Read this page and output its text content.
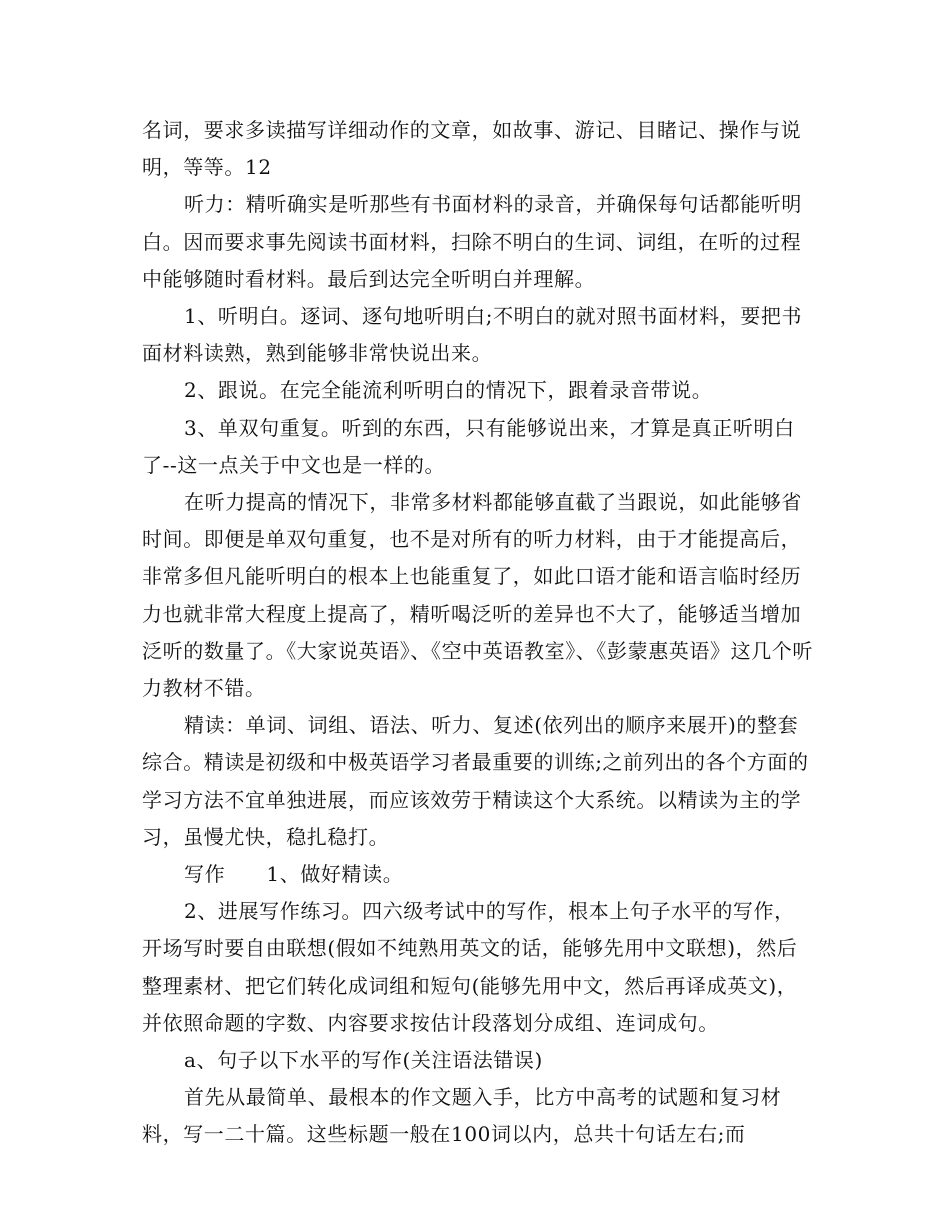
名词，要求多读描写详细动作的文章，如故事、游记、目睹记、操作与说明，等等。12

听力：精听确实是听那些有书面材料的录音，并确保每句话都能听明白。因而要求事先阅读书面材料，扫除不明白的生词、词组，在听的过程中能够随时看材料。最后到达完全听明白并理解。

1、听明白。逐词、逐句地听明白;不明白的就对照书面材料，要把书面材料读熟，熟到能够非常快说出来。

2、跟说。在完全能流利听明白的情况下，跟着录音带说。

3、单双句重复。听到的东西，只有能够说出来，才算是真正听明白了--这一点关于中文也是一样的。

在听力提高的情况下，非常多材料都能够直截了当跟说，如此能够省时间。即便是单双句重复，也不是对所有的听力材料，由于才能提高后，非常多但凡能听明白的根本上也能重复了，如此口语才能和语言临时经历力也就非常大程度上提高了，精听喝泛听的差异也不大了，能够适当增加泛听的数量了。《大家说英语》、《空中英语教室》、《彭蒙惠英语》这几个听力教材不错。

精读：单词、词组、语法、听力、复述(依列出的顺序来展开)的整套综合。精读是初级和中极英语学习者最重要的训练;之前列出的各个方面的学习方法不宜单独进展，而应该效劳于精读这个大系统。以精读为主的学习，虽慢尤快，稳扎稳打。

写作　　1、做好精读。

2、进展写作练习。四六级考试中的写作，根本上句子水平的写作，开场写时要自由联想(假如不纯熟用英文的话，能够先用中文联想)，然后整理素材、把它们转化成词组和短句(能够先用中文，然后再译成英文)，并依照命题的字数、内容要求按估计段落划分成组、连词成句。

a、句子以下水平的写作(关注语法错误)

首先从最简单、最根本的作文题入手，比方中高考的试题和复习材料，写一二十篇。这些标题一般在100词以内，总共十句话左右;而
